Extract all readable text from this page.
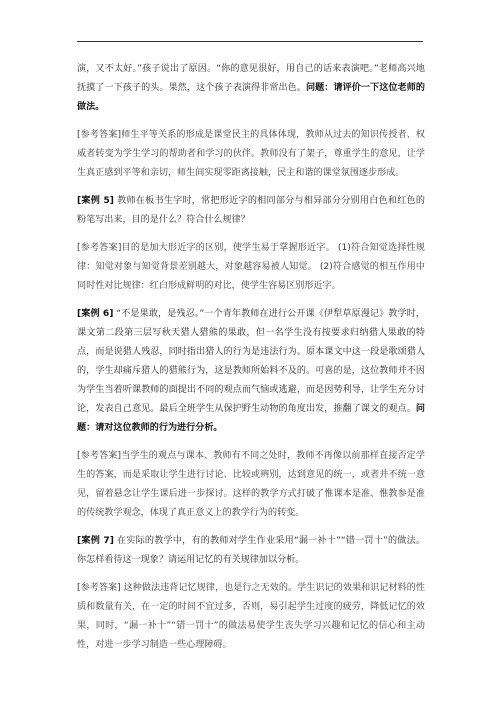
演，又不太好。”孩子说出了原因。“你的意见很好，用自己的话来表演吧。”老师高兴地抚摸了一下孩子的头。果然，这个孩子表演得非常出色。问题：请评价一下这位老师的做法。

[参考答案]师生平等关系的形成是课堂民主的具体体现，教师从过去的知识传授者、权威者转变为学生学习的帮助者和学习的伙伴。教师没有了架子，尊重学生的意见，让学生真正感到平等和亲切，师生间实现零距离接触，民主和谐的课堂氛围逐步形成。

[案例 5] 教师在板书生字时，常把形近字的相同部分与相异部分分别用白色和红色的粉笔写出来，目的是什么？符合什么规律？

[参考答案]目的是加大形近字的区别，使学生易于掌握形近字。 (1)符合知觉选择性规律：知觉对象与知觉背景差别越大，对象越容易被人知觉。 (2)符合感觉的相互作用中同时性对比规律：红白形成鲜明的对比，使学生容易区别形近字。

[案例 6] “不是果敢，是残忍。”一个青年教师在进行公开课《伊犁草原漫记》教学时，课文第二段第三层写秋天猎人猎熊的果敢，但一名学生没有按要求归纳猎人果敢的特点，而是说猎人残忍，同时指出猎人的行为是违法行为。原本课文中这一段是歌颂猎人的，学生却痛斥猎人的猎熊行为，这是教师所始料不及的。可喜的是，这位教师并不因为学生当着听课教师的面提出不同的观点而气恼或逃避，而是因势利导，让学生充分讨论，发表自己意见。最后全班学生从保护野生动物的角度出发，推翻了课文的观点。问题：请对这位教师的行为进行分析。

[参考答案]当学生的观点与课本、教师有不同之处时，教师不再像以前那样直接否定学生的答案，而是采取让学生进行讨论、比较或辨别，达到意见的统一，或者并不统一意见，留着悬念让学生课后进一步探讨。这样的教学方式打破了惟课本是准、惟教参是准的传统教学观念，体现了真正意义上的教学行为的转变。

[案例 7] 在实际的教学中，有的教师对学生作业采用“漏一补十”“错一罚十”的做法。你怎样看待这一现象？请运用记忆的有关规律加以分析。

[参考答案] 这种做法违背记忆规律，也是行之无效的。学生识记的效果和识记材料的性质和数量有关，在一定的时间不宜过多，否则，易引起学生过度的疲劳，降低记忆的效果，同时，“漏一补十”“错一罚十”的做法易使学生丧失学习兴趣和记忆的信心和主动性，对进一步学习制造一些心理障碍。
